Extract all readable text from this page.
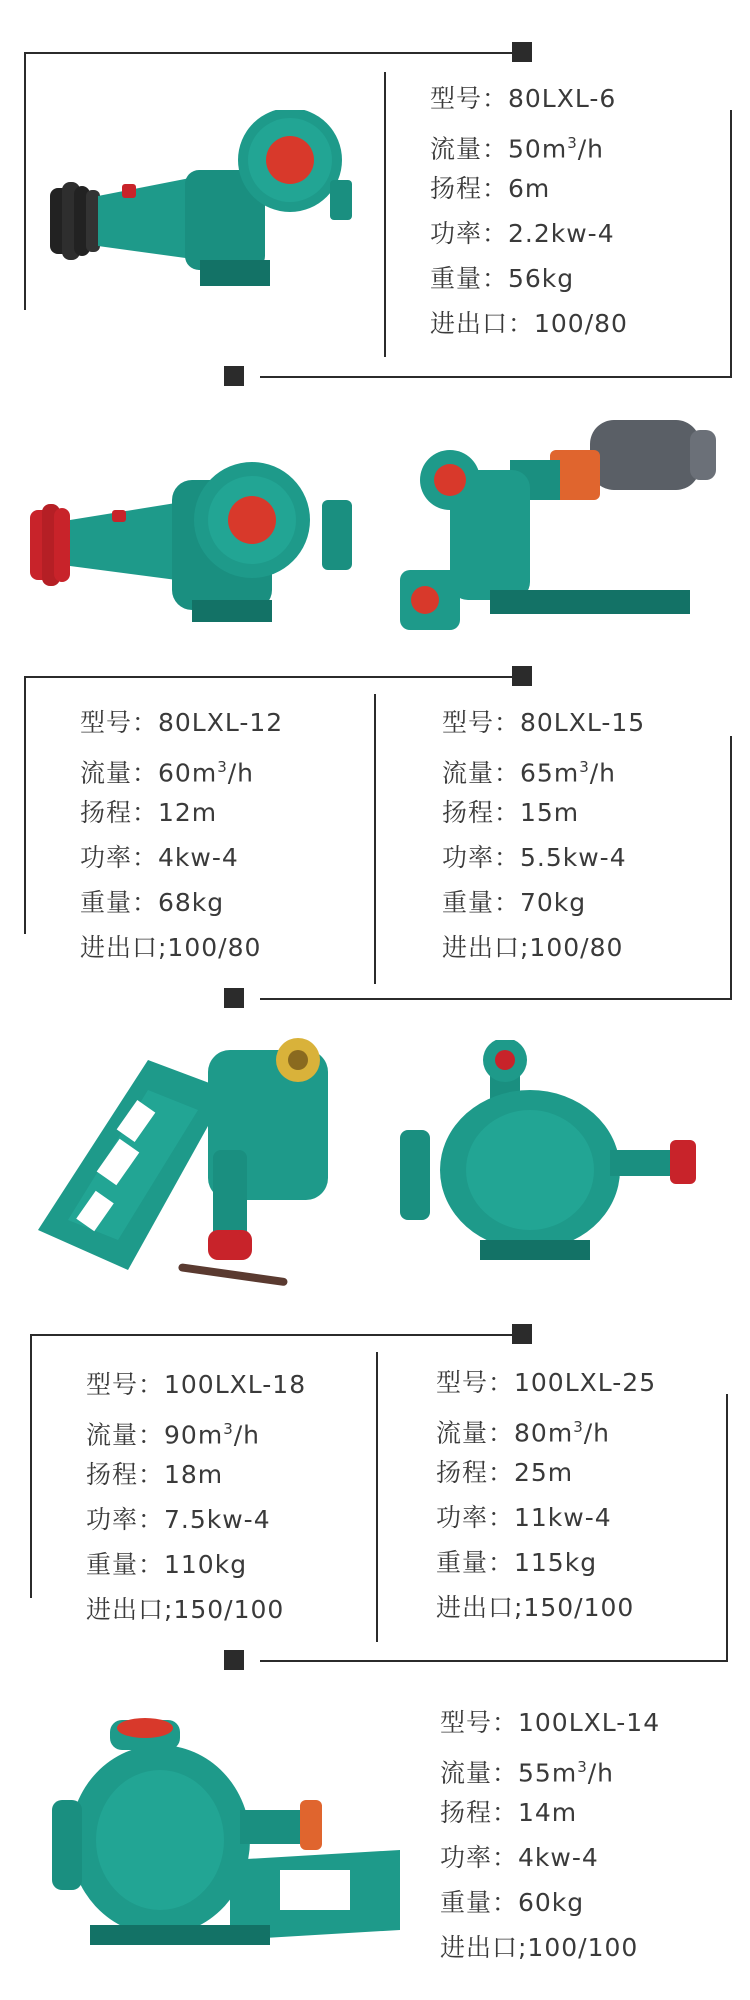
型号：80LXL-6
流量：$50m^3/h$
扬程：6m
功率：2.2kw-4
重量：56kg
进出口：100/80
型号：80LXL-12
流量：$60m^3/h$
扬程：12m
功率：4kw-4
重量：68kg
进出口;100/80
型号：80LXL-15
流量：$65m^3/h$
扬程：15m
功率：5.5kw-4
重量：70kg
进出口;100/80
型号：100LXL-18
流量：$90m^3/h$
扬程：18m
功率：7.5kw-4
重量：110kg
进出口;150/100
型号：100LXL-25
流量：$80m^3/h$
扬程：25m
功率：11kw-4
重量：115kg
进出口;150/100
型号：100LXL-14
流量：$55m^3/h$
扬程：14m
功率：4kw-4
重量：60kg
进出口;100/100
